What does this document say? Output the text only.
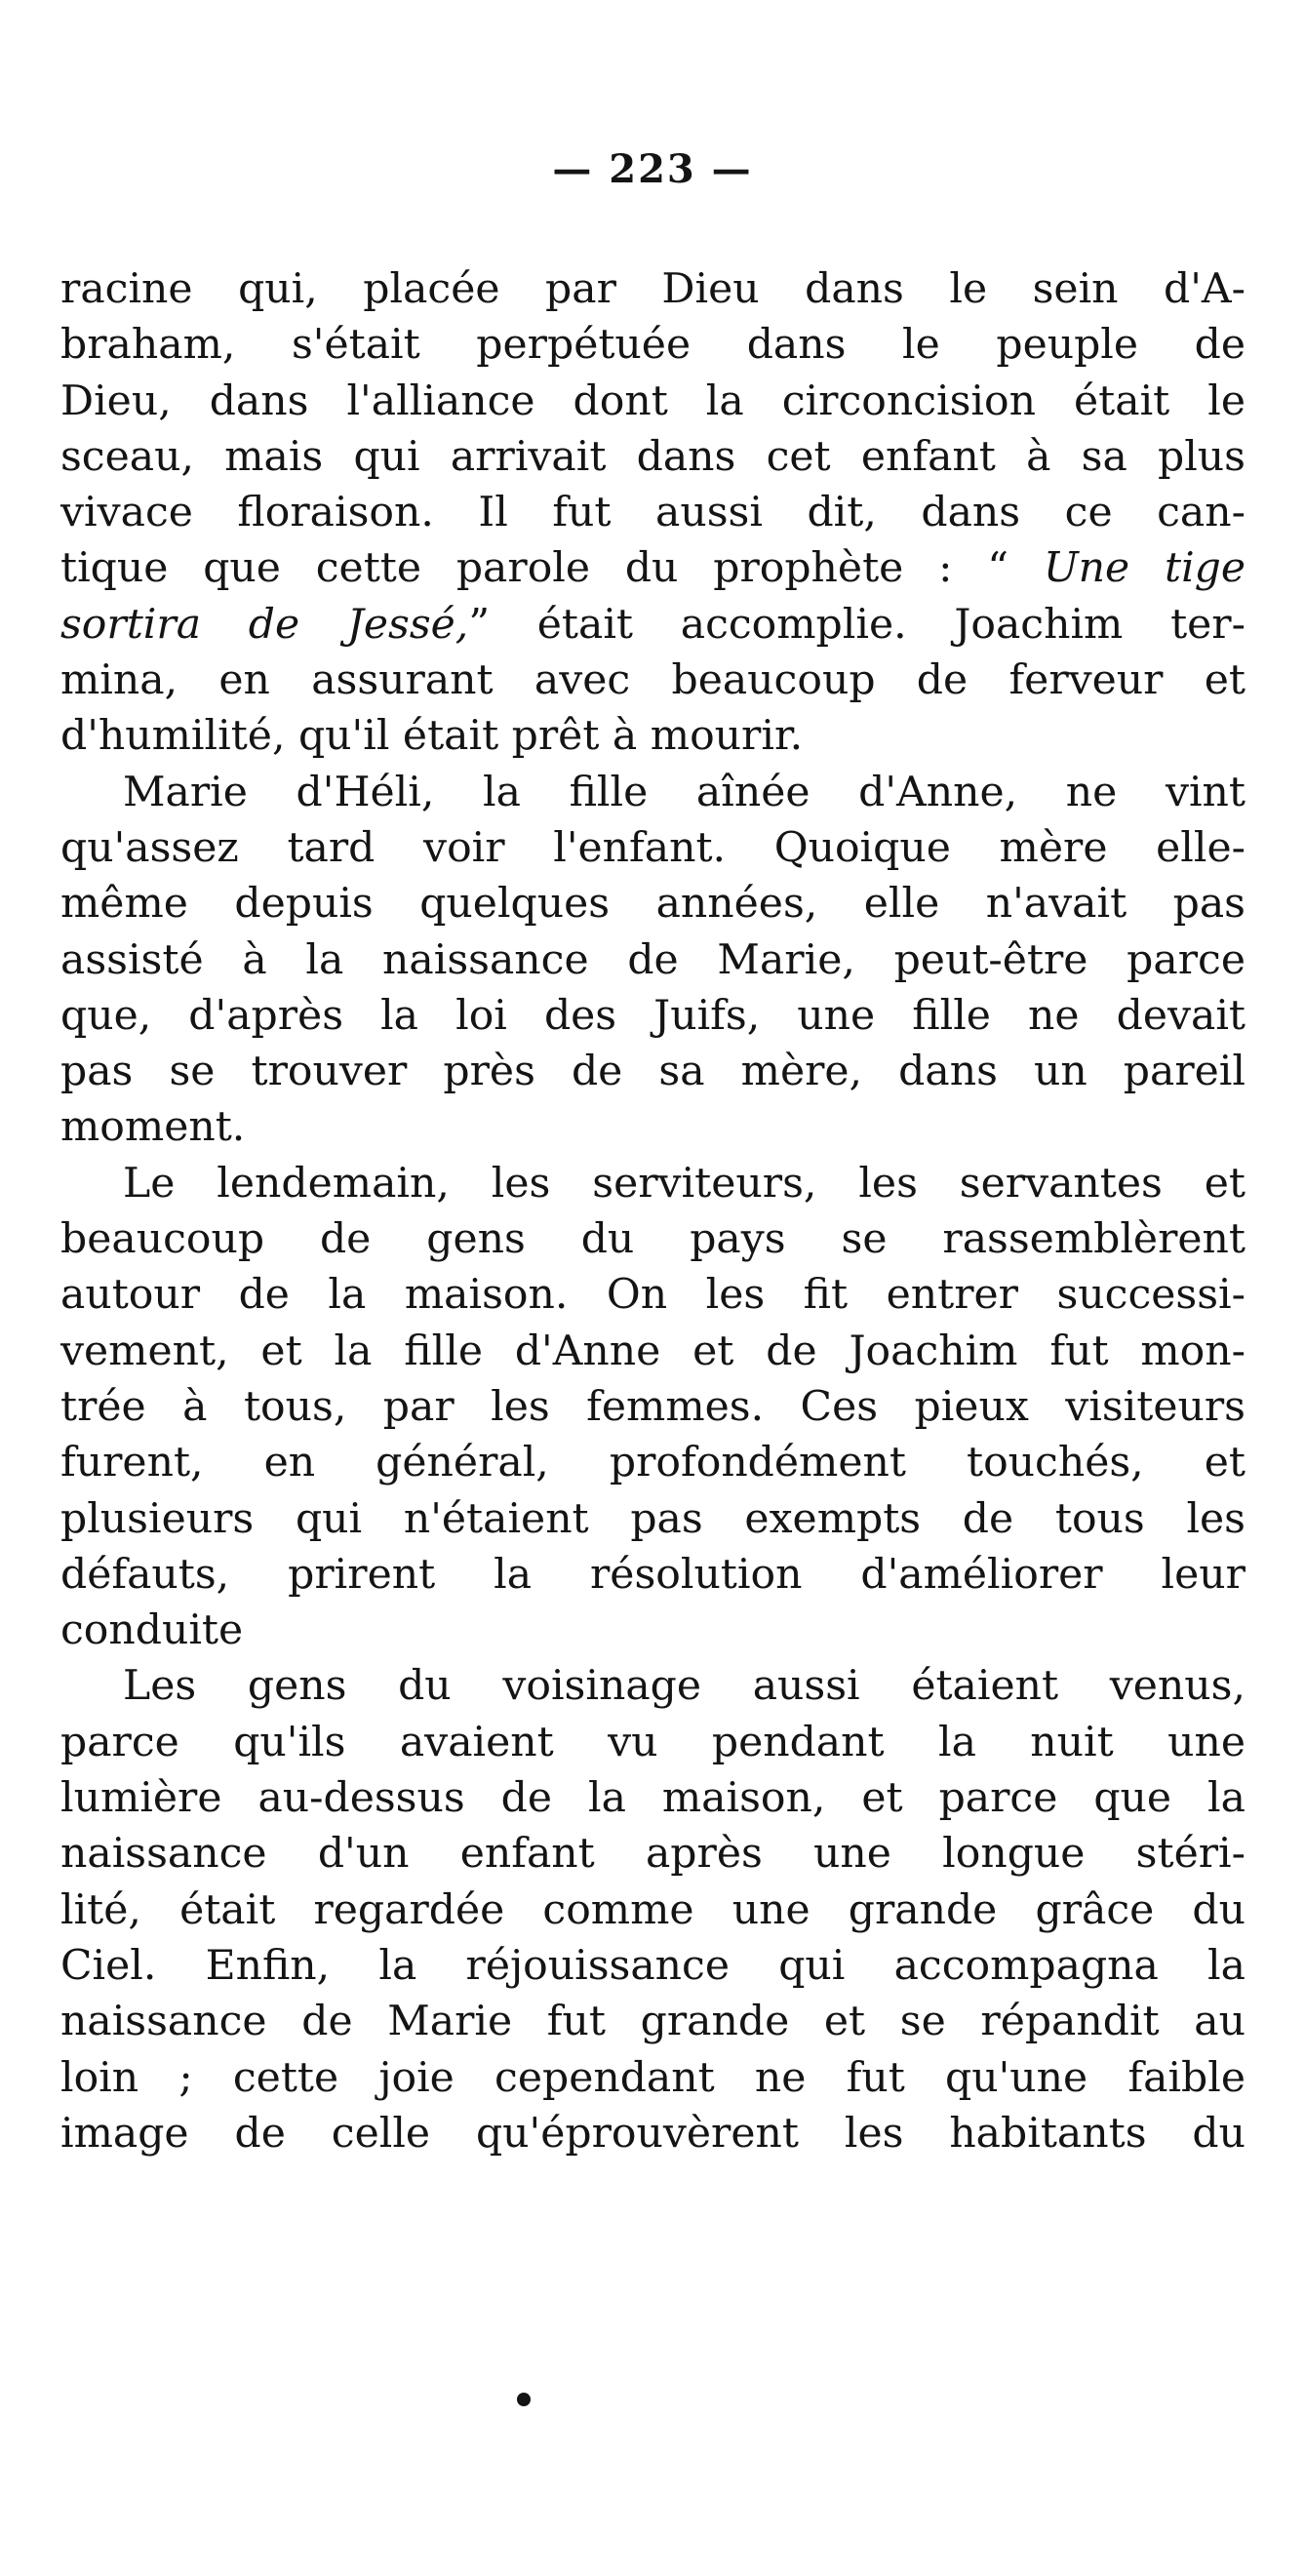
— 223 —
racine qui, placée par Dieu dans le sein d'A-
braham, s'était perpétuée dans le peuple de
Dieu, dans l'alliance dont la circoncision était le
sceau, mais qui arrivait dans cet enfant à sa plus
vivace floraison. Il fut aussi dit, dans ce can-
tique que cette parole du prophète : “ Une tige
sortira de Jessé,” était accomplie. Joachim ter-
mina, en assurant avec beaucoup de ferveur et
d'humilité, qu'il était prêt à mourir.
Marie d'Héli, la fille aînée d'Anne, ne vint
qu'assez tard voir l'enfant. Quoique mère elle-
même depuis quelques années, elle n'avait pas
assisté à la naissance de Marie, peut-être parce
que, d'après la loi des Juifs, une fille ne devait
pas se trouver près de sa mère, dans un pareil
moment.
Le lendemain, les serviteurs, les servantes et
beaucoup de gens du pays se rassemblèrent
autour de la maison. On les fit entrer successi-
vement, et la fille d'Anne et de Joachim fut mon-
trée à tous, par les femmes. Ces pieux visiteurs
furent, en général, profondément touchés, et
plusieurs qui n'étaient pas exempts de tous les
défauts, prirent la résolution d'améliorer leur
conduite
Les gens du voisinage aussi étaient venus,
parce qu'ils avaient vu pendant la nuit une
lumière au-dessus de la maison, et parce que la
naissance d'un enfant après une longue stéri-
lité, était regardée comme une grande grâce du
Ciel. Enfin, la réjouissance qui accompagna la
naissance de Marie fut grande et se répandit au
loin ; cette joie cependant ne fut qu'une faible
image de celle qu'éprouvèrent les habitants du
